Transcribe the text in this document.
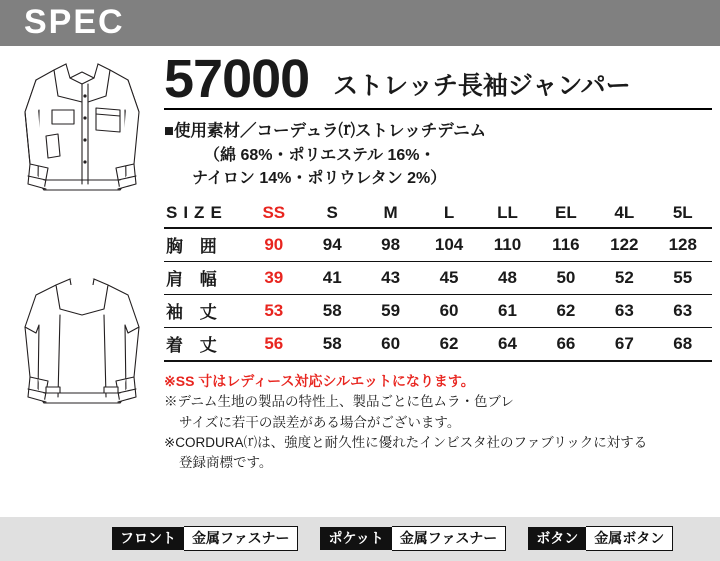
SPEC
57000 ストレッチ長袖ジャンパー
■使用素材／コーデュラ⒭ストレッチデニム
（綿 68%・ポリエステル 16%・
ナイロン 14%・ポリウレタン 2%）
SIZE	SS	S	M	L	LL	EL	4L	5L
胸 囲	90	94	98	104	110	116	122	128
肩 幅	39	41	43	45	48	50	52	55
袖 丈	53	58	59	60	61	62	63	63
着 丈	56	58	60	62	64	66	67	68
※SS 寸はレディース対応シルエットになります。
※デニム生地の製品の特性上、製品ごとに色ムラ・色ブレ
サイズに若干の誤差がある場合がございます。
※CORDURA⒭は、強度と耐久性に優れたインビスタ社のファブリックに対する
登録商標です。
フロント	金属ファスナー	ポケット	金属ファスナー	ボタン	金属ボタン
